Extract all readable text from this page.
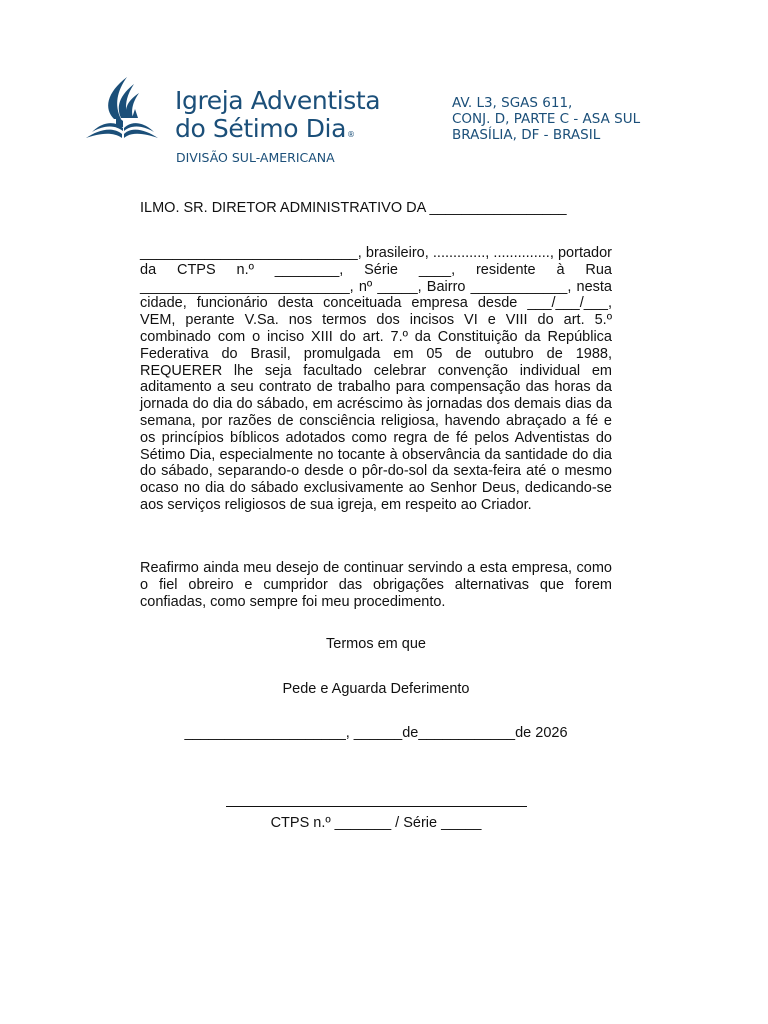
Igreja Adventista

do Sétimo Dia®

DIVISÃO SUL-AMERICANA

AV. L3, SGAS 611,
CONJ. D, PARTE C - ASA SUL
BRASÍLIA, DF - BRASIL

ILMO. SR. DIRETOR ADMINISTRATIVO DA _________________

___________________________, brasileiro, ............., .............., portador da CTPS n.º ________, Série ____, residente à Rua __________________________, nº _____, Bairro ____________, nesta cidade, funcionário desta conceituada empresa desde ___/___/___, VEM, perante V.Sa. nos termos dos incisos VI e VIII do art. 5.º combinado com o inciso XIII do art. 7.º da Constituição da República Federativa do Brasil, promulgada em 05 de outubro de 1988, REQUERER lhe seja facultado celebrar convenção individual em aditamento a seu contrato de trabalho para compensação das horas da jornada do dia do sábado, em acréscimo às jornadas dos demais dias da semana, por razões de consciência religiosa, havendo abraçado a fé e os princípios bíblicos adotados como regra de fé pelos Adventistas do Sétimo Dia, especialmente no tocante à observância da santidade do dia do sábado, separando-o desde o pôr-do-sol da sexta-feira até o mesmo ocaso no dia do sábado exclusivamente ao Senhor Deus, dedicando-se aos serviços religiosos de sua igreja, em respeito ao Criador.

Reafirmo ainda meu desejo de continuar servindo a esta empresa, como o fiel obreiro e cumpridor das obrigações alternativas que forem confiadas, como sempre foi meu procedimento.

Termos em que
Pede e Aguarda Deferimento
____________________, ______de____________de 2026
CTPS n.º _______ / Série _____
